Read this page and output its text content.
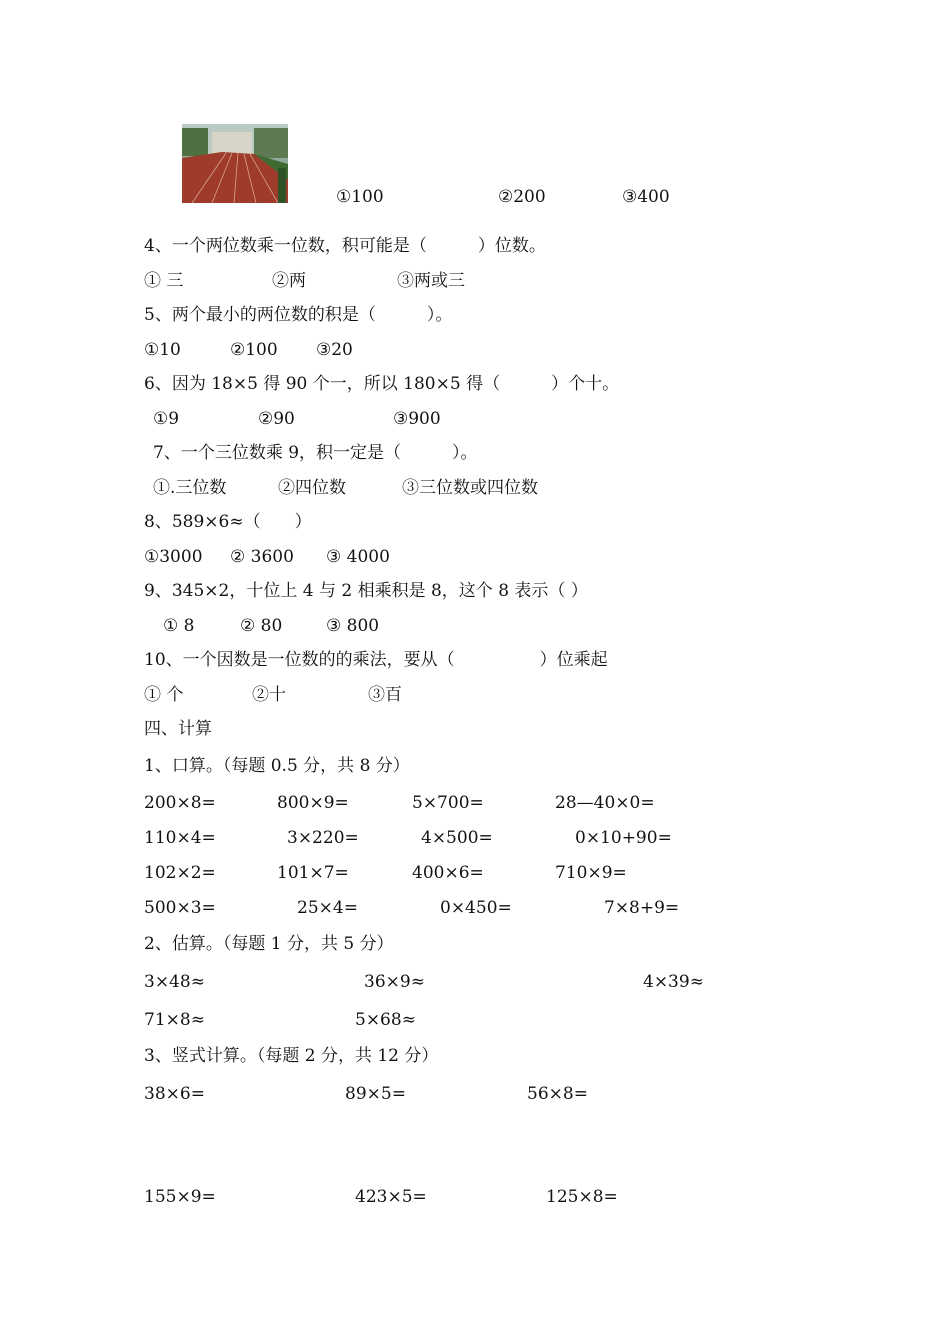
①100	②200	③400
4、一个两位数乘一位数，积可能是（　　　）位数。
① 三	②两	③两或三
5、两个最小的两位数的积是（　　　）。
①10	②100 ③20
6、因为 18×5 得 90 个一，所以 180×5 得（　　　）个十。
①9	②90	③900
7、一个三位数乘 9，积一定是（　　　）。
①.三位数	②四位数	③三位数或四位数
8、589×6≈（　　）
①3000 ② 3600 ③ 4000
9、345×2，十位上 4 与 2 相乘积是 8，这个 8 表示（ ）
① 8	② 80	③ 800
10、一个因数是一位数的的乘法，要从（　　　　　）位乘起
① 个	②十	③百
四、计算
1、口算。（每题 0.5 分，共 8 分）
200×8=	800×9=	5×700=	28—40×0=
110×4=	3×220=	4×500=	0×10+90=
102×2=	101×7=	400×6=	710×9=
500×3=	25×4=	0×450=	7×8+9=
2、估算。（每题 1 分，共 5 分）
3×48≈	36×9≈	4×39≈
71×8≈	5×68≈
3、竖式计算。（每题 2 分，共 12 分）
38×6=	89×5=	56×8=
155×9=	423×5=	125×8=
